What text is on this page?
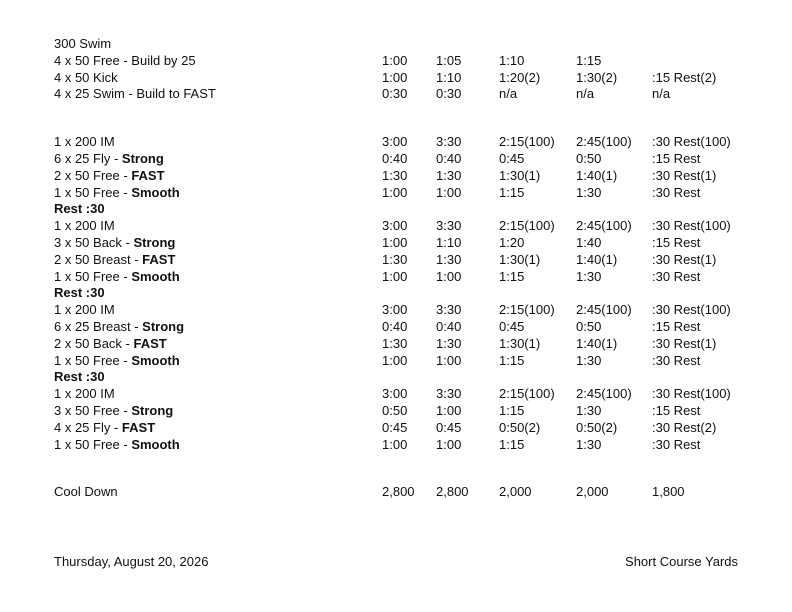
300 Swim
4 x 50 Free - Build by 25	1:00 1:05	1:10	1:15
4 x 50 Kick	1:00 1:10	1:20(2)	1:30(2)	:15 Rest(2)
4 x 25 Swim - Build to FAST	0:30 0:30	n/a	n/a	n/a
1 x 200 IM	3:00 3:30	2:15(100) 2:45(100) :30 Rest(100)
6 x 25 Fly - Strong	0:40 0:40	0:45	0:50	:15 Rest
2 x 50 Free - FAST	1:30 1:30	1:30(1)	1:40(1)	:30 Rest(1)
1 x 50 Free - Smooth	1:00 1:00	1:15	1:30	:30 Rest
Rest :30
1 x 200 IM	3:00 3:30	2:15(100) 2:45(100) :30 Rest(100)
3 x 50 Back - Strong	1:00 1:10	1:20	1:40	:15 Rest
2 x 50 Breast - FAST	1:30 1:30	1:30(1)	1:40(1)	:30 Rest(1)
1 x 50 Free - Smooth	1:00 1:00	1:15	1:30	:30 Rest
Rest :30
1 x 200 IM	3:00 3:30	2:15(100) 2:45(100) :30 Rest(100)
6 x 25 Breast - Strong	0:40 0:40	0:45	0:50	:15 Rest
2 x 50 Back - FAST	1:30 1:30	1:30(1)	1:40(1)	:30 Rest(1)
1 x 50 Free - Smooth	1:00 1:00	1:15	1:30	:30 Rest
Rest :30
1 x 200 IM	3:00 3:30	2:15(100) 2:45(100) :30 Rest(100)
3 x 50 Free - Strong	0:50 1:00	1:15	1:30	:15 Rest
4 x 25 Fly - FAST	0:45 0:45	0:50(2)	0:50(2)	:30 Rest(2)
1 x 50 Free - Smooth	1:00 1:00	1:15	1:30	:30 Rest
Cool Down	2,800 2,800 2,000	2,000	1,800
Thursday, August 20, 2026	Short Course Yards
